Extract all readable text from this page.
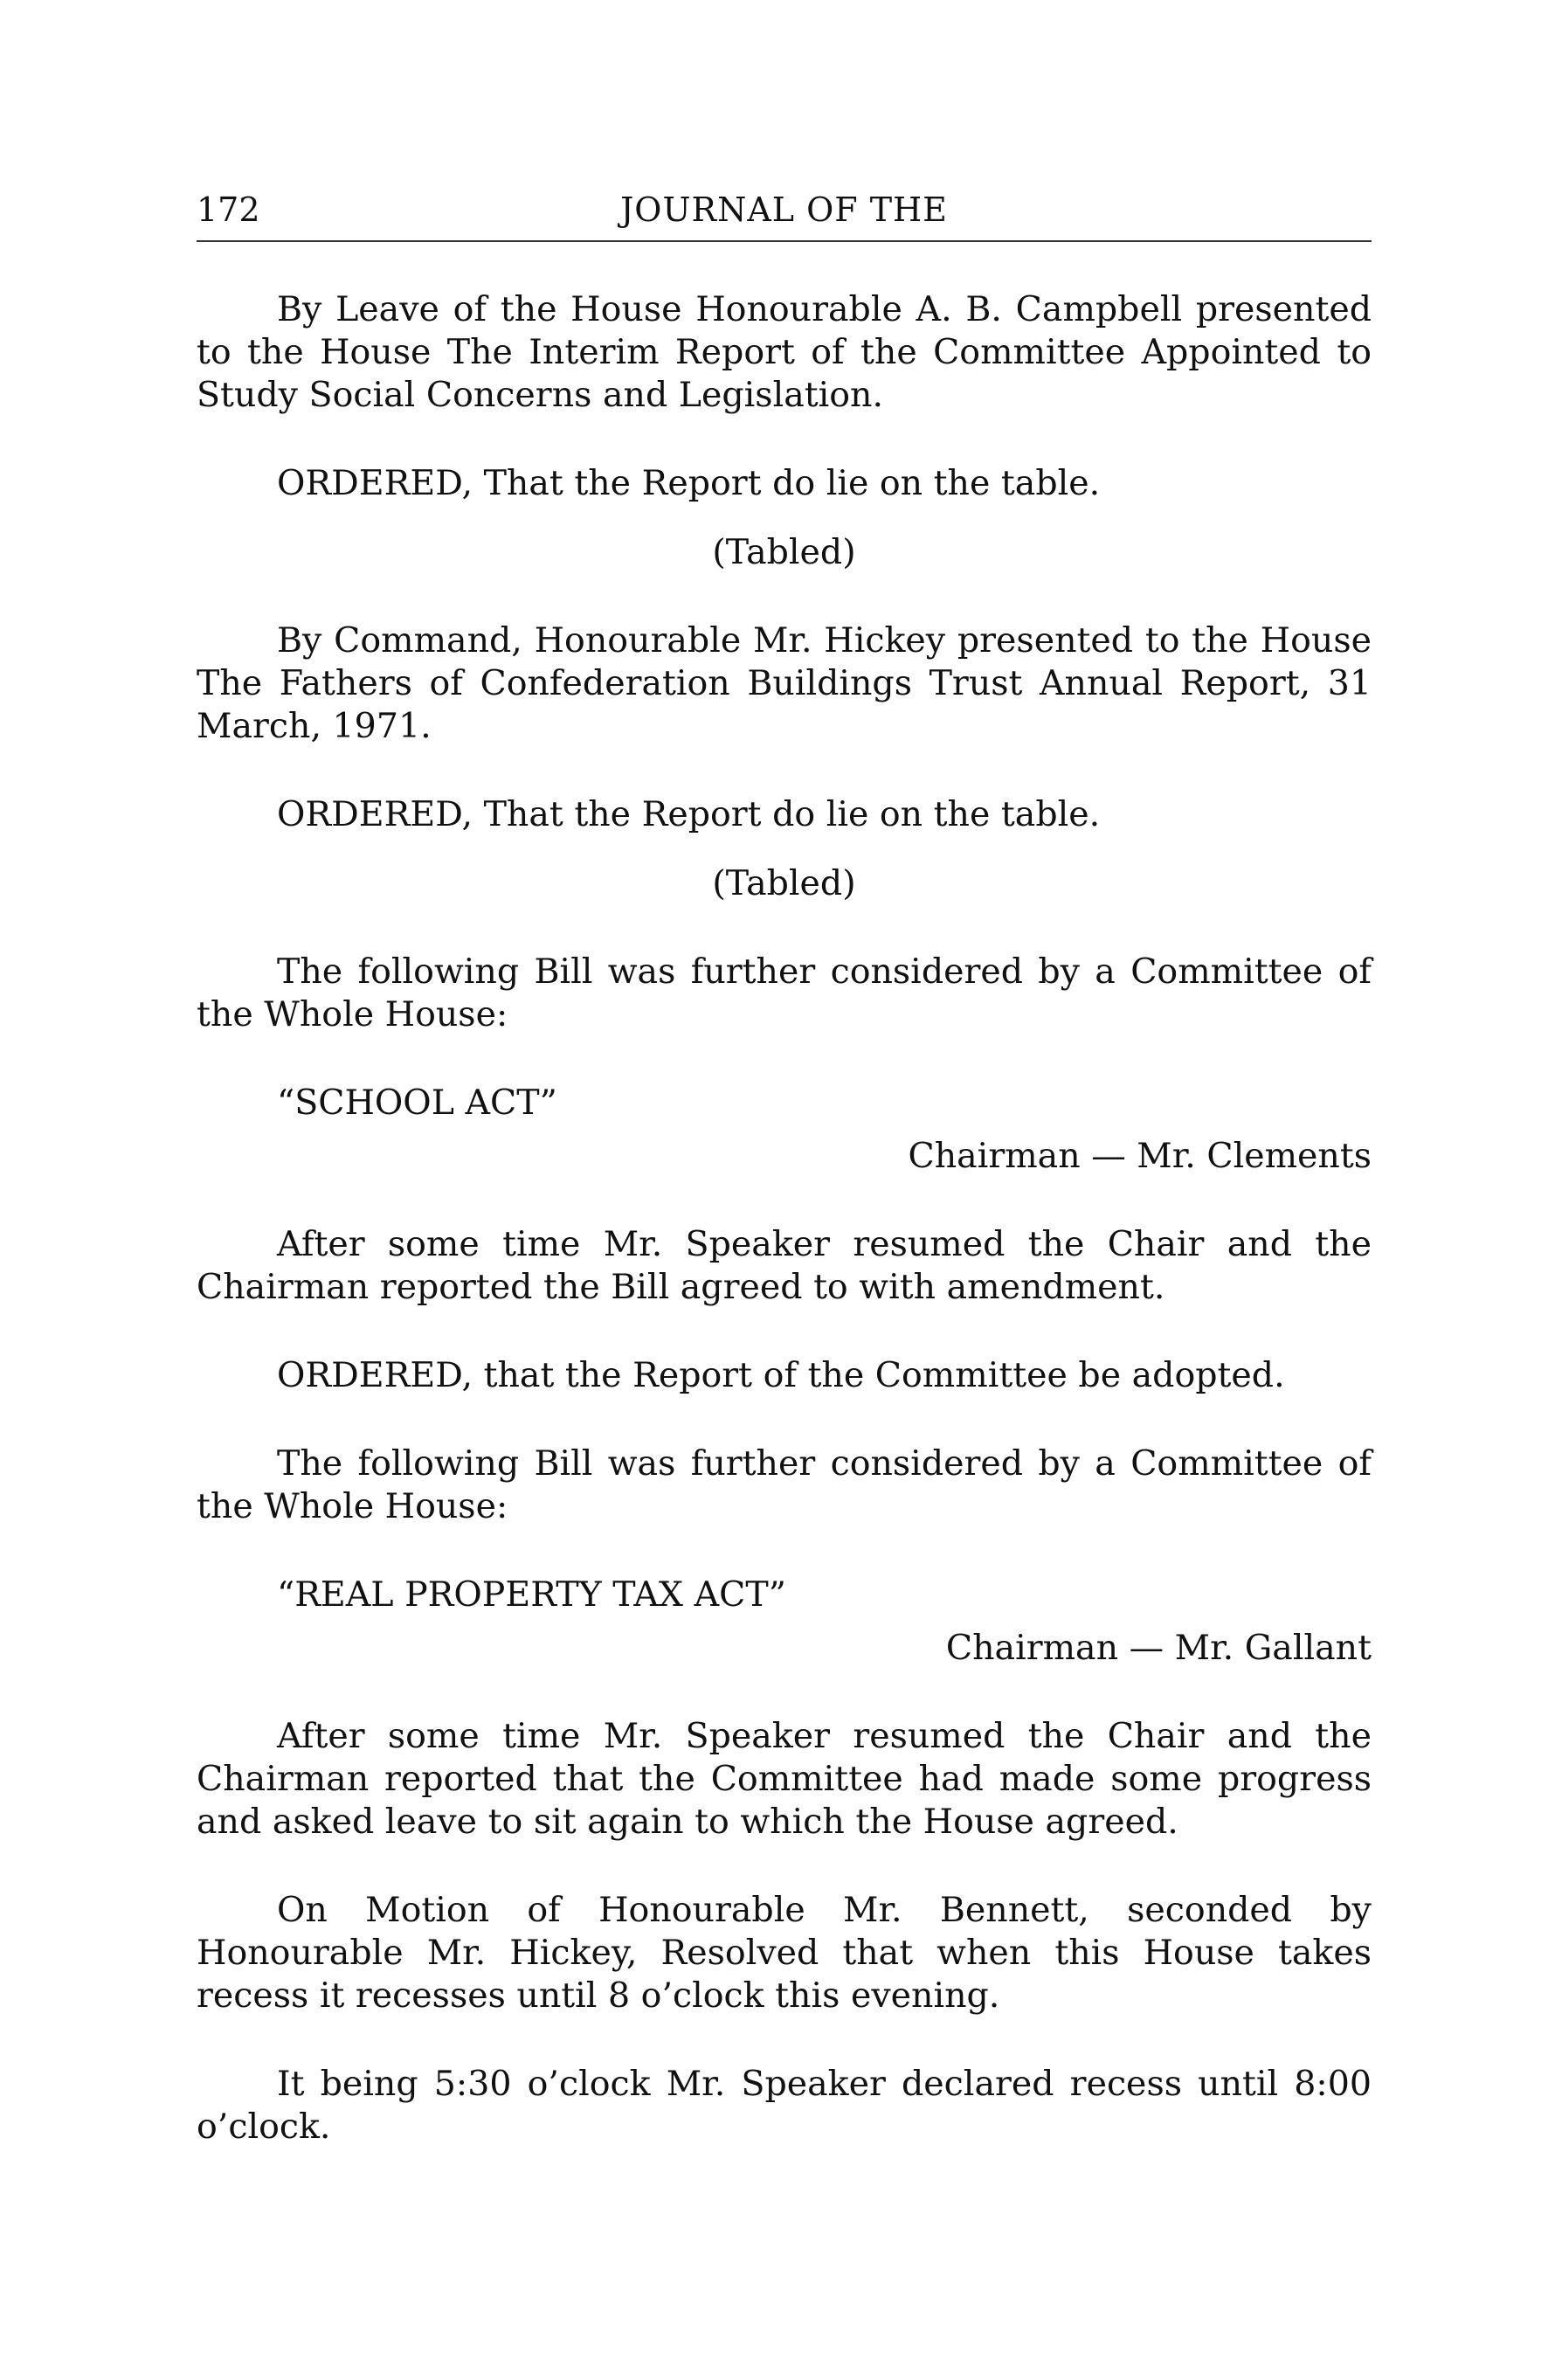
172	JOURNAL OF THE

By Leave of the House Honourable A. B. Campbell presented to the House The Interim Report of the Committee Appointed to Study Social Concerns and Legislation.

ORDERED, That the Report do lie on the table.

(Tabled)

By Command, Honourable Mr. Hickey presented to the House The Fathers of Confederation Buildings Trust Annual Report, 31 March, 1971.

ORDERED, That the Report do lie on the table.

(Tabled)

The following Bill was further considered by a Committee of the Whole House:

“SCHOOL ACT”

Chairman — Mr. Clements

After some time Mr. Speaker resumed the Chair and the Chairman reported the Bill agreed to with amendment.

ORDERED, that the Report of the Committee be adopted.

The following Bill was further considered by a Committee of the Whole House:

“REAL PROPERTY TAX ACT”

Chairman — Mr. Gallant

After some time Mr. Speaker resumed the Chair and the Chairman reported that the Committee had made some progress and asked leave to sit again to which the House agreed.

On Motion of Honourable Mr. Bennett, seconded by Honourable Mr. Hickey, Resolved that when this House takes recess it recesses until 8 o’clock this evening.

It being 5:30 o’clock Mr. Speaker declared recess until 8:00 o’clock.
